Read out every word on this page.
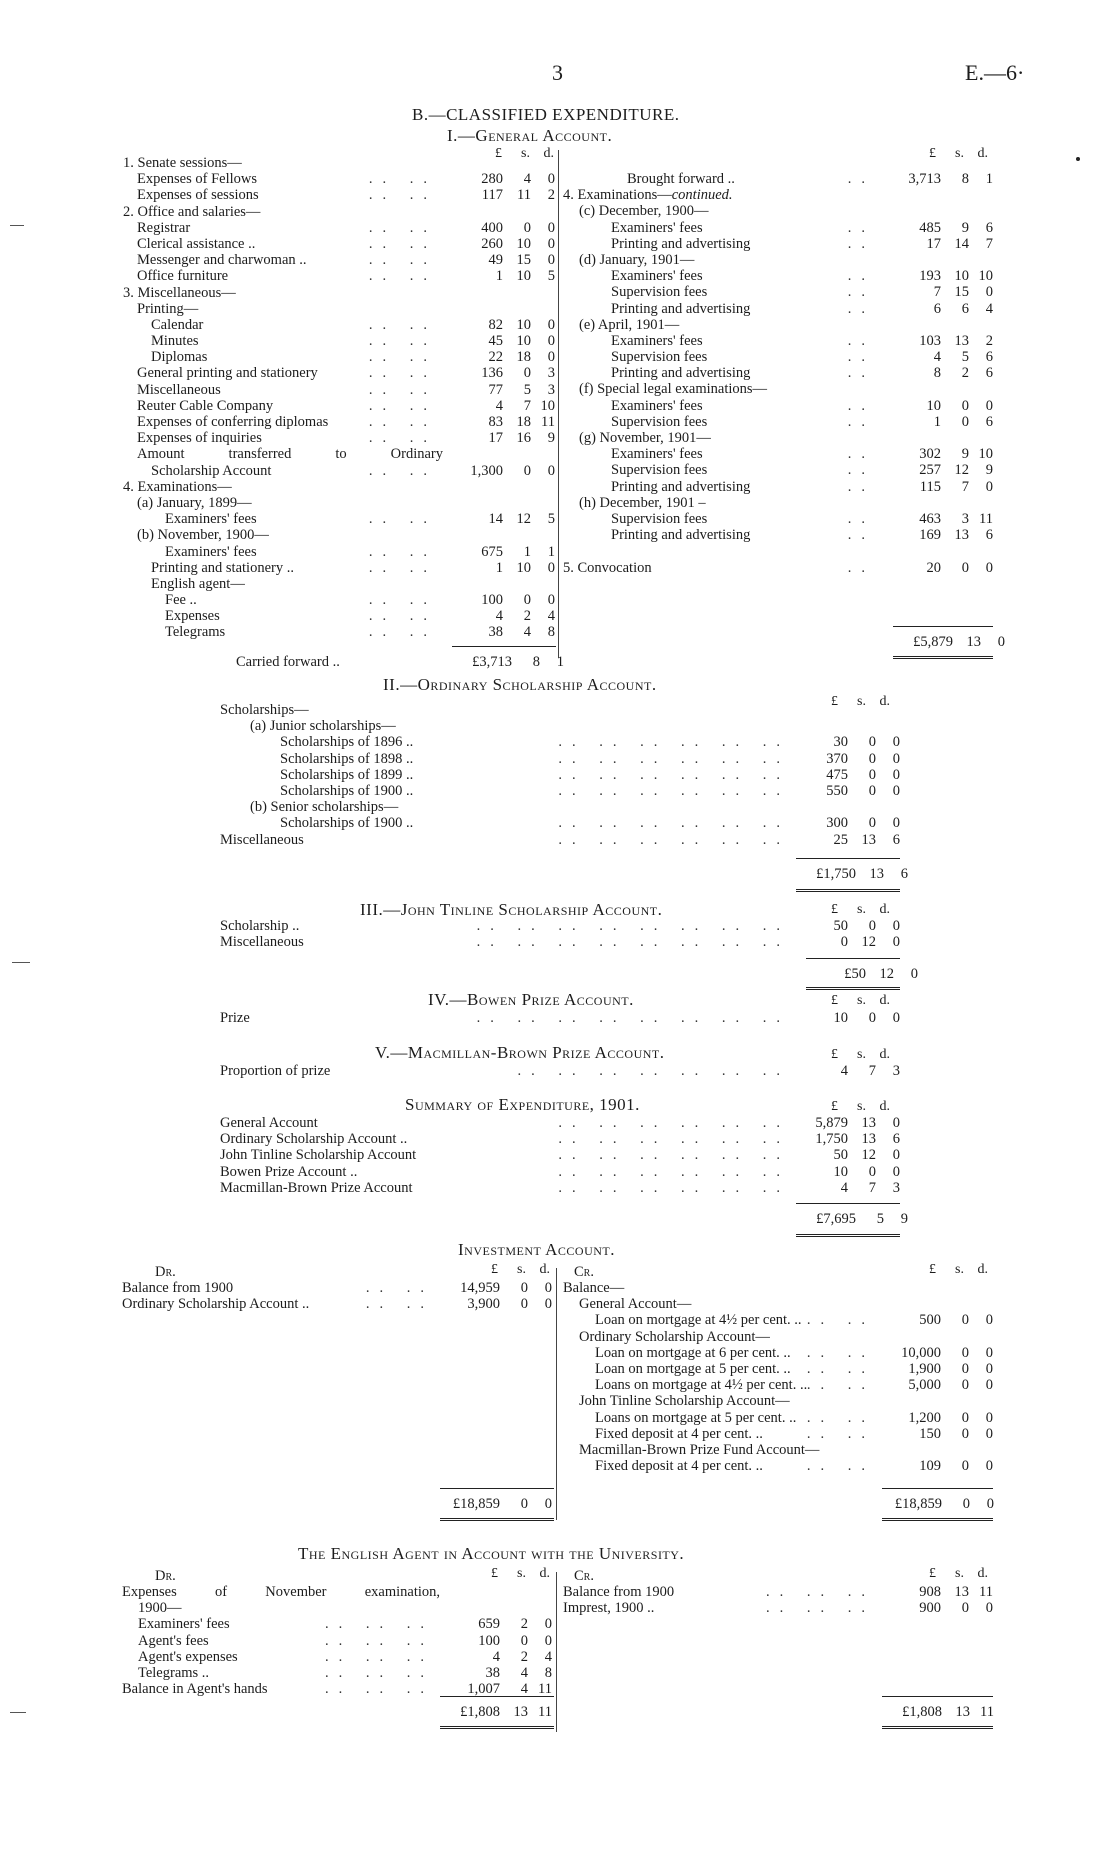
3	E.—6·
B.—CLASSIFIED EXPENDITURE.
I.—General Account.
£ s. d.	£ s. d.
1. Senate sessions—
Expenses of Fellows	.. ..	280 4 0
Expenses of sessions	.. ..	117 11 2
2. Office and salaries—
Registrar	.. ..	400 0 0
Clerical assistance ..	.. ..	260 10 0
Messenger and charwoman ..	.. ..	49 15 0
Office furniture	.. ..	1 10 5
3. Miscellaneous—
Printing—
Calendar	.. ..	82 10 0
Minutes	.. ..	45 10 0
Diplomas	.. ..	22 18 0
General printing and stationery	.. ..	136 0 3
Miscellaneous	.. ..	77 5 3
Reuter Cable Company	.. ..	4 7 10
Expenses of conferring diplomas	.. ..	83 18 11
Expenses of inquiries	.. ..	17 16 9
Amount transferred to Ordinary
Scholarship Account	.. ..	1,300 0 0
4. Examinations—
(a) January, 1899—
Examiners' fees	.. ..	14 12 5
(b) November, 1900—
Examiners' fees	.. ..	675 1 1
Printing and stationery ..	.. ..	1 10 0
English agent—
Fee ..	.. ..	100 0 0
Expenses	.. ..	4 2 4
Telegrams	.. ..	38 4 8
Brought forward ..	..	3,713 8 1
4. Examinations—continued.
(c) December, 1900—
Examiners' fees	..	485 9 6
Printing and advertising	..	17 14 7
(d) January, 1901—
Examiners' fees	..	193 10 10
Supervision fees	..	7 15 0
Printing and advertising	..	6 6 4
(e) April, 1901—
Examiners' fees	..	103 13 2
Supervision fees	..	4 5 6
Printing and advertising	..	8 2 6
(f) Special legal examinations—
Examiners' fees	..	10 0 0
Supervision fees	..	1 0 6
(g) November, 1901—
Examiners' fees	..	302 9 10
Supervision fees	..	257 12 9
Printing and advertising	..	115 7 0
(h) December, 1901 –
Supervision fees	..	463 3 11
Printing and advertising	..	169 13 6
5. Convocation	..	20 0 0
Carried forward ..	£3,713 8 1
£5,879 13 0
II.—Ordinary Scholarship Account.
£ s. d.
Scholarships—
(a) Junior scholarships—
Scholarships of 1896 ..	.. .. .. .. .. ..	30 0 0
Scholarships of 1898 ..	.. .. .. .. .. ..	370 0 0
Scholarships of 1899 ..	.. .. .. .. .. ..	475 0 0
Scholarships of 1900 ..	.. .. .. .. .. ..	550 0 0
(b) Senior scholarships—
Scholarships of 1900 ..	.. .. .. .. .. ..	300 0 0
Miscellaneous	.. .. .. .. .. ..	25 13 6
£1,750 13 6
III.—John Tinline Scholarship Account.	£ s. d.
Scholarship ..	.. .. .. .. .. .. .. ..	50 0 0
Miscellaneous	.. .. .. .. .. .. .. ..	0 12 0
£50 12 0
IV.—Bowen Prize Account.	£ s. d.
Prize	.. .. .. .. .. .. .. ..	10 0 0
V.—Macmillan-Brown Prize Account.	£ s. d.
Proportion of prize	.. .. .. .. .. .. ..	4 7 3
Summary of Expenditure, 1901.	£ s. d.
General Account	.. .. .. .. .. ..	5,879 13 0
Ordinary Scholarship Account ..	.. .. .. .. .. ..	1,750 13 6
John Tinline Scholarship Account	.. .. .. .. .. ..	50 12 0
Bowen Prize Account ..	.. .. .. .. .. ..	10 0 0
Macmillan-Brown Prize Account	.. .. .. .. .. ..	4 7 3
£7,695 5 9
Investment Account.
Dr.	£ s. d. Cr.	£ s. d.
Balance from 1900	.. ..	14,959 0 0
Ordinary Scholarship Account ..	.. ..	3,900 0 0
Balance—
General Account—
Loan on mortgage at 4½ per cent. .. .. ..	500 0 0
Ordinary Scholarship Account—
Loan on mortgage at 6 per cent. .. .. ..	10,000 0 0
Loan on mortgage at 5 per cent. .. .. ..	1,900 0 0
Loans on mortgage at 4½ per cent. .. .. ..	5,000 0 0
John Tinline Scholarship Account—
Loans on mortgage at 5 per cent. .. .. ..	1,200 0 0
Fixed deposit at 4 per cent. ..	.. ..	150 0 0
Macmillan-Brown Prize Fund Account—
Fixed deposit at 4 per cent. ..	.. ..	109 0 0
£18,859 0 0	£18,859 0 0
The English Agent in Account with the University.
Dr.	£ s. d. Cr.	£ s. d.
Expenses of November examination,
1900—
Examiners' fees	.. .. ..	659 2 0
Agent's fees	.. .. ..	100 0 0
Agent's expenses	.. .. ..	4 2 4
Telegrams ..	.. .. ..	38 4 8
Balance in Agent's hands	.. .. ..	1,007 4 11
Balance from 1900	.. .. ..	908 13 11
Imprest, 1900 ..	.. .. ..	900 0 0
£1,808 13 11	£1,808 13 11
